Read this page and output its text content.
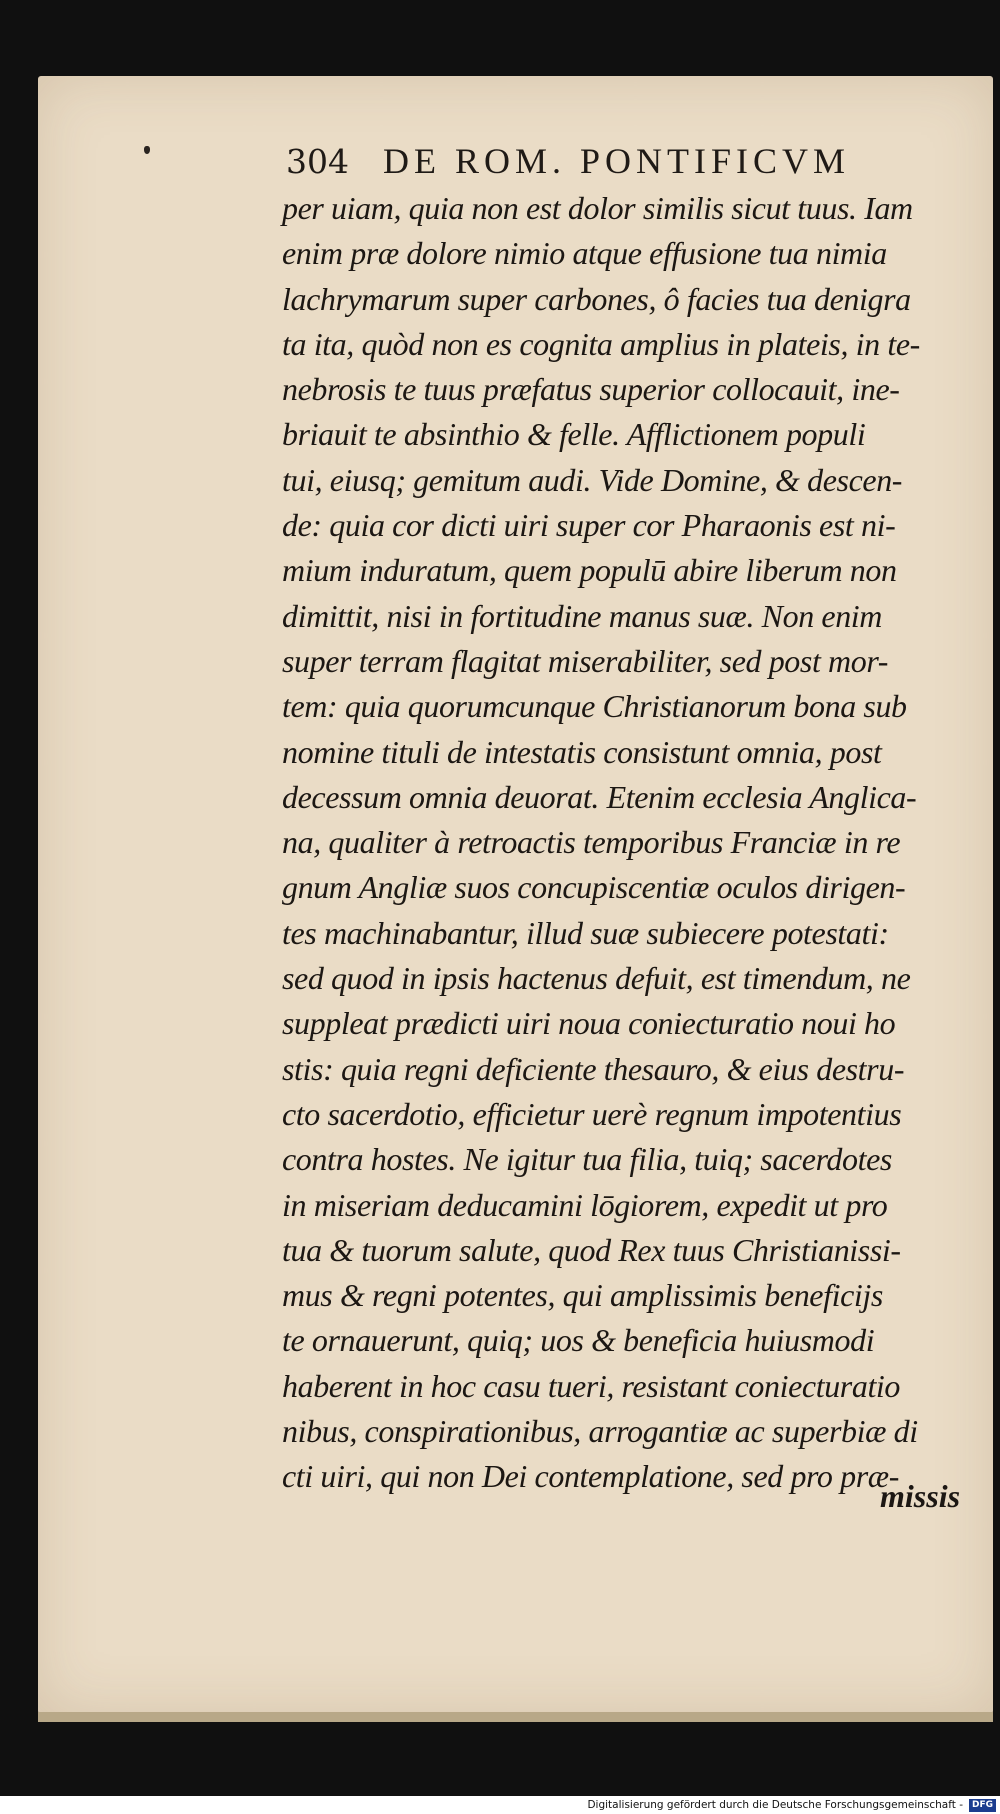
304 DE ROM. PONTIFICVM
per uiam, quia non est dolor similis sicut tuus. Iam
enim præ dolore nimio atque effusione tua nimia
lachrymarum super carbones, ô facies tua denigra
ta ita, quòd non es cognita amplius in plateis, in te-
nebrosis te tuus præfatus superior collocauit, ine-
briauit te absinthio & felle. Afflictionem populi
tui, eiusq; gemitum audi. Vide Domine, & descen-
de: quia cor dicti uiri super cor Pharaonis est ni-
mium induratum, quem populū abire liberum non
dimittit, nisi in fortitudine manus suæ. Non enim
super terram flagitat miserabiliter, sed post mor-
tem: quia quorumcunque Christianorum bona sub
nomine tituli de intestatis consistunt omnia, post
decessum omnia deuorat. Etenim ecclesia Anglica-
na, qualiter à retroactis temporibus Franciæ in re
gnum Angliæ suos concupiscentiæ oculos dirigen-
tes machinabantur, illud suæ subiecere potestati:
sed quod in ipsis hactenus defuit, est timendum, ne
suppleat prædicti uiri noua coniecturatio noui ho
stis: quia regni deficiente thesauro, & eius destru-
cto sacerdotio, efficietur uerè regnum impotentius
contra hostes. Ne igitur tua filia, tuiq; sacerdotes
in miseriam deducamini lōgiorem, expedit ut pro
tua & tuorum salute, quod Rex tuus Christianissi-
mus & regni potentes, qui amplissimis beneficijs
te ornauerunt, quiq; uos & beneficia huiusmodi
haberent in hoc casu tueri, resistant coniecturatio
nibus, conspirationibus, arrogantiæ ac superbiæ di
cti uiri, qui non Dei contemplatione, sed pro præ-
missis
Digitalisierung gefördert durch die Deutsche Forschungsgemeinschaft -	DFG
